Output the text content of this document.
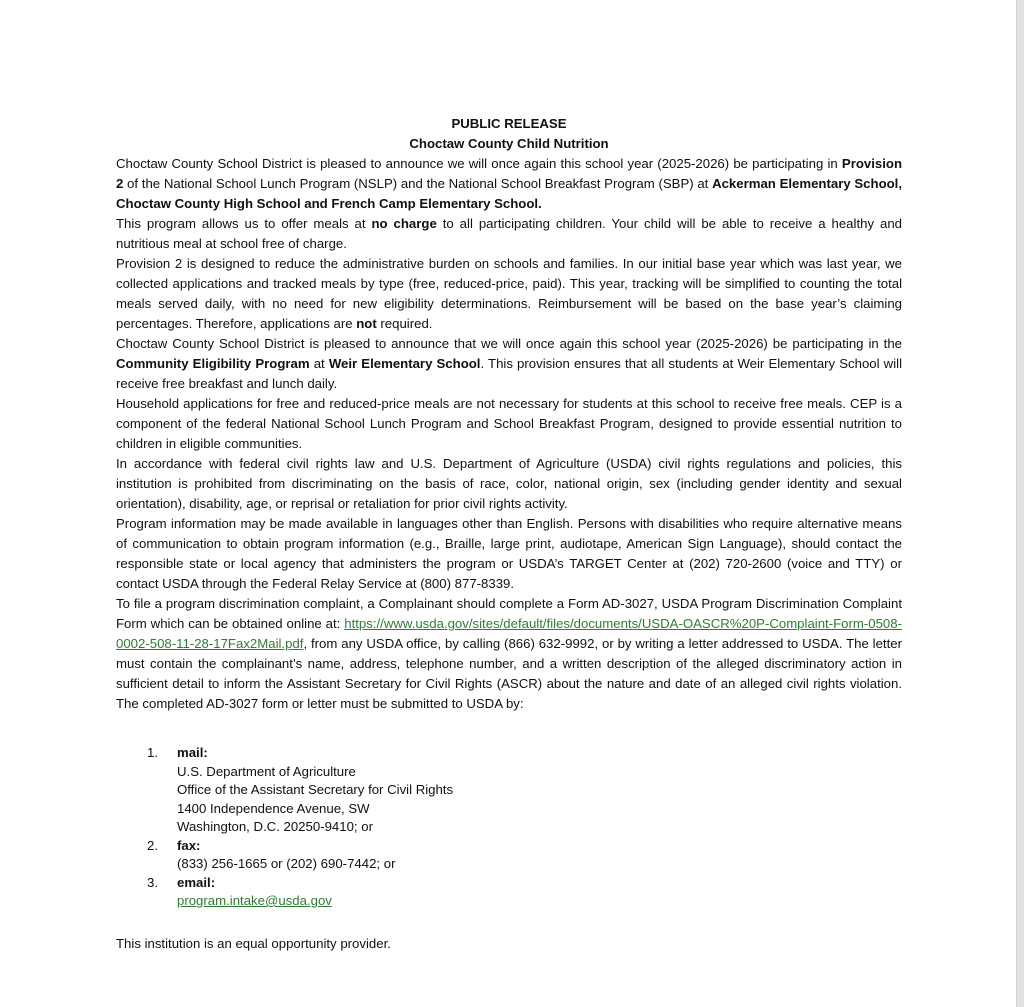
PUBLIC RELEASE
Choctaw County Child Nutrition

Choctaw County School District is pleased to announce we will once again this school year (2025-2026) be participating in Provision 2 of the National School Lunch Program (NSLP) and the National School Breakfast Program (SBP) at Ackerman Elementary School, Choctaw County High School and French Camp Elementary School.

This program allows us to offer meals at no charge to all participating children. Your child will be able to receive a healthy and nutritious meal at school free of charge.

Provision 2 is designed to reduce the administrative burden on schools and families. In our initial base year which was last year, we collected applications and tracked meals by type (free, reduced-price, paid). This year, tracking will be simplified to counting the total meals served daily, with no need for new eligibility determinations. Reimbursement will be based on the base year’s claiming percentages. Therefore, applications are not required.

Choctaw County School District is pleased to announce that we will once again this school year (2025-2026) be participating in the Community Eligibility Program at Weir Elementary School. This provision ensures that all students at Weir Elementary School will receive free breakfast and lunch daily.

Household applications for free and reduced-price meals are not necessary for students at this school to receive free meals. CEP is a component of the federal National School Lunch Program and School Breakfast Program, designed to provide essential nutrition to children in eligible communities.

In accordance with federal civil rights law and U.S. Department of Agriculture (USDA) civil rights regulations and policies, this institution is prohibited from discriminating on the basis of race, color, national origin, sex (including gender identity and sexual orientation), disability, age, or reprisal or retaliation for prior civil rights activity.

Program information may be made available in languages other than English. Persons with disabilities who require alternative means of communication to obtain program information (e.g., Braille, large print, audiotape, American Sign Language), should contact the responsible state or local agency that administers the program or USDA’s TARGET Center at (202) 720-2600 (voice and TTY) or contact USDA through the Federal Relay Service at (800) 877-8339.

To file a program discrimination complaint, a Complainant should complete a Form AD-3027, USDA Program Discrimination Complaint Form which can be obtained online at: https://www.usda.gov/sites/default/files/documents/USDA-OASCR%20P-Complaint-Form-0508-0002-508-11-28-17Fax2Mail.pdf, from any USDA office, by calling (866) 632-9992, or by writing a letter addressed to USDA. The letter must contain the complainant’s name, address, telephone number, and a written description of the alleged discriminatory action in sufficient detail to inform the Assistant Secretary for Civil Rights (ASCR) about the nature and date of an alleged civil rights violation. The completed AD-3027 form or letter must be submitted to USDA by:

1.	mail:
U.S. Department of Agriculture
Office of the Assistant Secretary for Civil Rights
1400 Independence Avenue, SW
Washington, D.C. 20250-9410; or
2.	fax:
(833) 256-1665 or (202) 690-7442; or
3.	email:
program.intake@usda.gov
This institution is an equal opportunity provider.
